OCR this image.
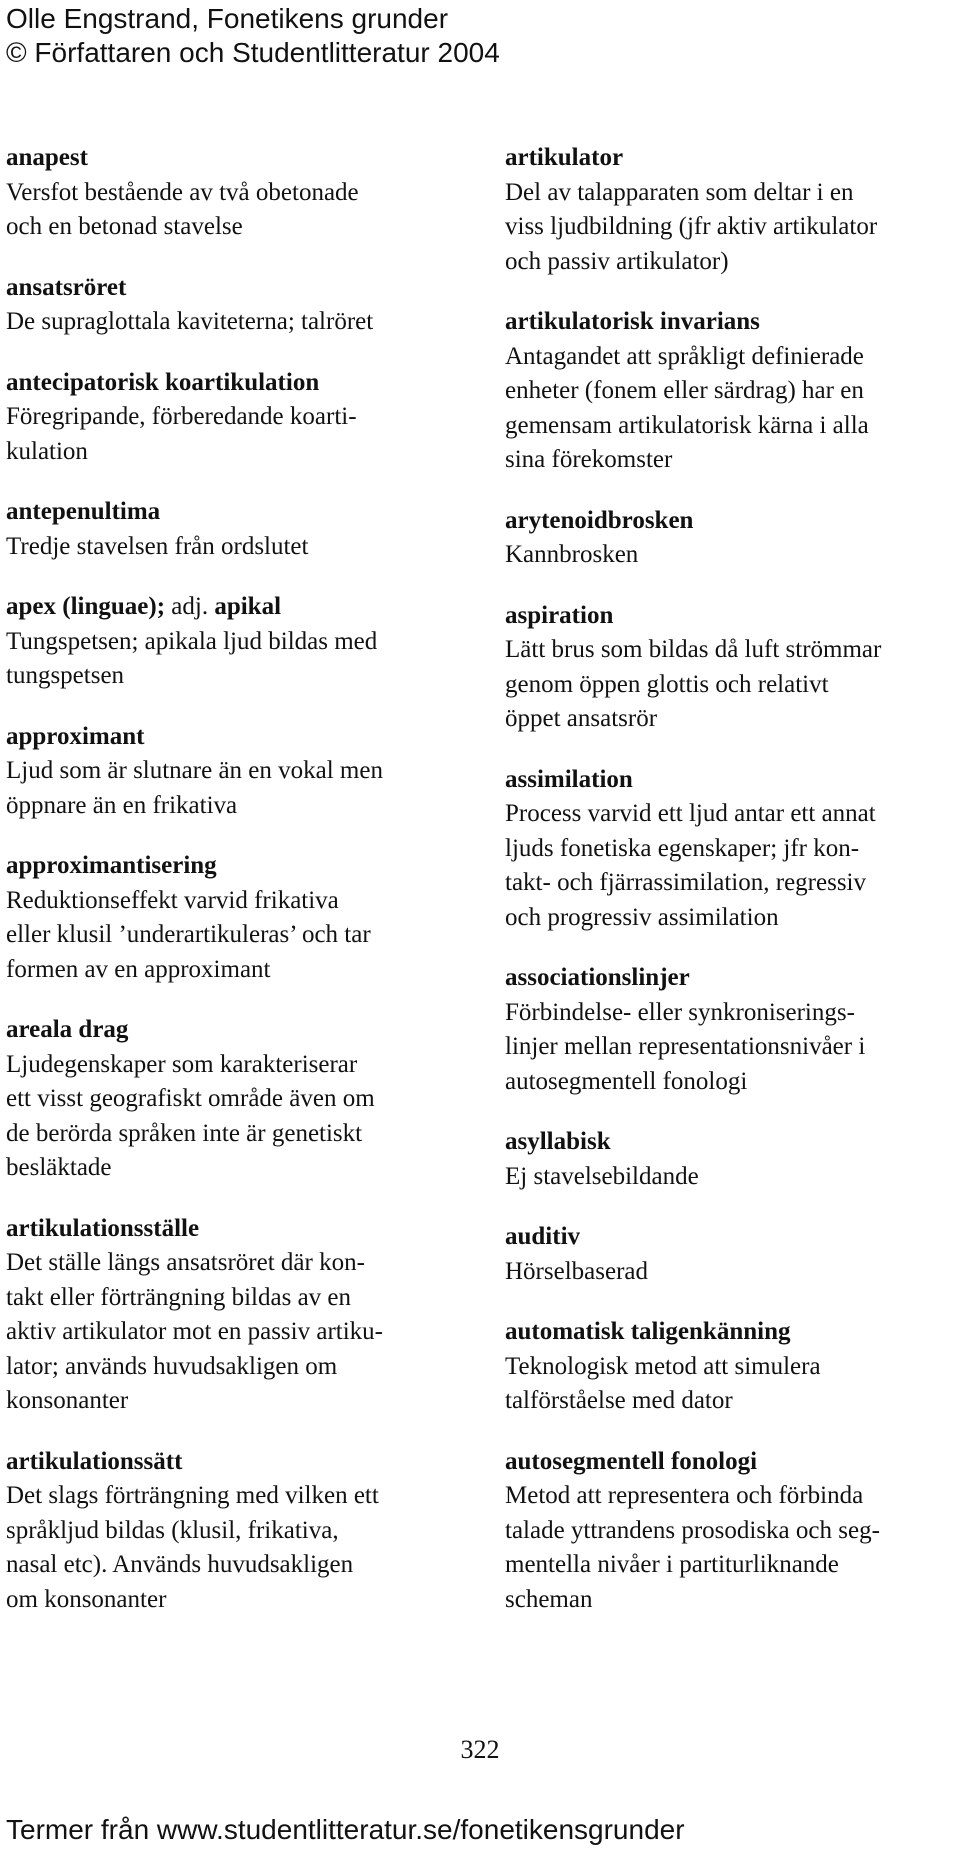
Olle Engstrand, Fonetikens grunder
© Författaren och Studentlitteratur 2004
anapest
Versfot bestående av två obetonade
och en betonad stavelse
ansatsröret
De supraglottala kaviteterna; talröret
antecipatorisk koartikulation
Föregripande, förberedande koarti-
kulation
antepenultima
Tredje stavelsen från ordslutet
apex (linguae); adj. apikal
Tungspetsen; apikala ljud bildas med
tungspetsen
approximant
Ljud som är slutnare än en vokal men
öppnare än en frikativa
approximantisering
Reduktionseffekt varvid frikativa
eller klusil ’underartikuleras’ och tar
formen av en approximant
areala drag
Ljudegenskaper som karakteriserar
ett visst geografiskt område även om
de berörda språken inte är genetiskt
besläktade
artikulationsställe
Det ställe längs ansatsröret där kon-
takt eller förträngning bildas av en
aktiv artikulator mot en passiv artiku-
lator; används huvudsakligen om
konsonanter
artikulationssätt
Det slags förträngning med vilken ett
språkljud bildas (klusil, frikativa,
nasal etc). Används huvudsakligen
om konsonanter
artikulator
Del av talapparaten som deltar i en
viss ljudbildning (jfr aktiv artikulator
och passiv artikulator)
artikulatorisk invarians
Antagandet att språkligt definierade
enheter (fonem eller särdrag) har en
gemensam artikulatorisk kärna i alla
sina förekomster
arytenoidbrosken
Kannbrosken
aspiration
Lätt brus som bildas då luft strömmar
genom öppen glottis och relativt
öppet ansatsrör
assimilation
Process varvid ett ljud antar ett annat
ljuds fonetiska egenskaper; jfr kon-
takt- och fjärrassimilation, regressiv
och progressiv assimilation
associationslinjer
Förbindelse- eller synkroniserings-
linjer mellan representationsnivåer i
autosegmentell fonologi
asyllabisk
Ej stavelsebildande
auditiv
Hörselbaserad
automatisk taligenkänning
Teknologisk metod att simulera
talförståelse med dator
autosegmentell fonologi
Metod att representera och förbinda
talade yttrandens prosodiska och seg-
mentella nivåer i partiturliknande
scheman
322
Termer från www.studentlitteratur.se/fonetikensgrunder
